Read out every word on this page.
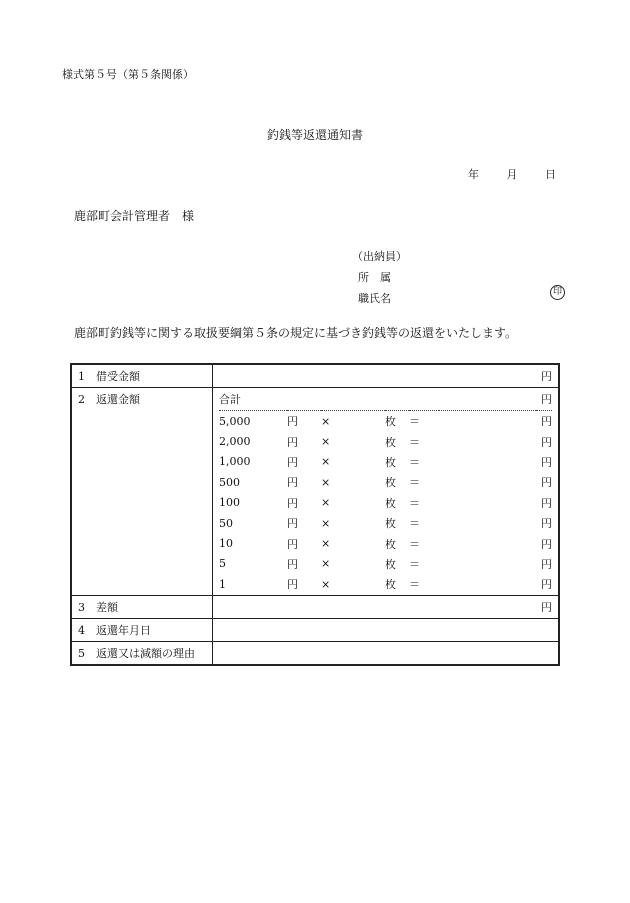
様式第５号（第５条関係）
釣銭等返還通知書
年	月	日
鹿部町会計管理者　様
（出納員）
所　属
職氏名	印
鹿部町釣銭等に関する取扱要綱第５条の規定に基づき釣銭等の返還をいたします。
1 借受金額	円
2 返還金額		合計	円
5,000	円	×	枚	＝		円
2,000	円	×	枚	＝		円
1,000	円	×	枚	＝		円
500	円	×	枚	＝		円
100	円	×	枚	＝		円
50	円	×	枚	＝		円
10	円	×	枚	＝		円
5	円	×	枚	＝		円
1	円	×	枚	＝		円

3 差額	円
4 返還年月日	
5 返還又は減額の理由	
